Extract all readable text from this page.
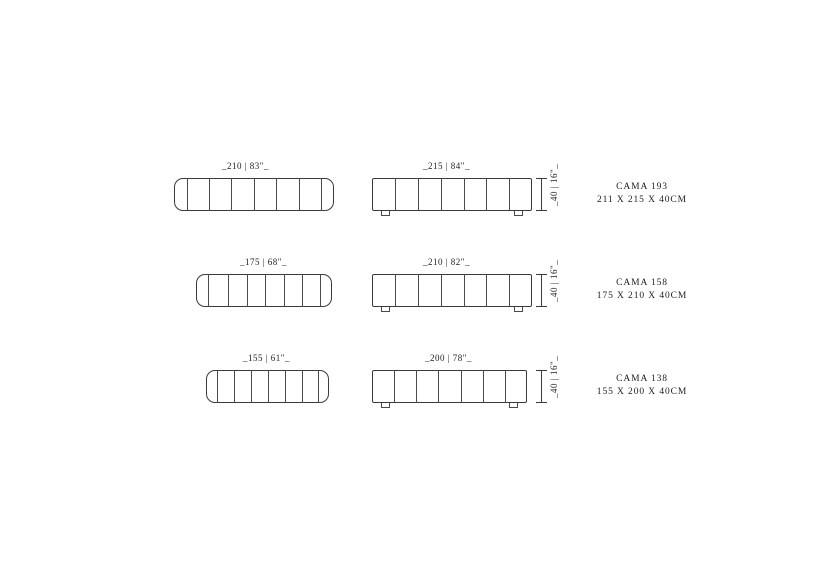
_210 | 83"_	_215 | 84"_
_40 |
16"_
CAMA 193
211 X 215 X 40CM
_175 | 68"_	_210 | 82"_
_40 |
16"_
CAMA 158
175 X 210 X 40CM
_155 | 61"_	_200 | 78"_
_40 |
16"_
CAMA 138
155 X 200 X 40CM
